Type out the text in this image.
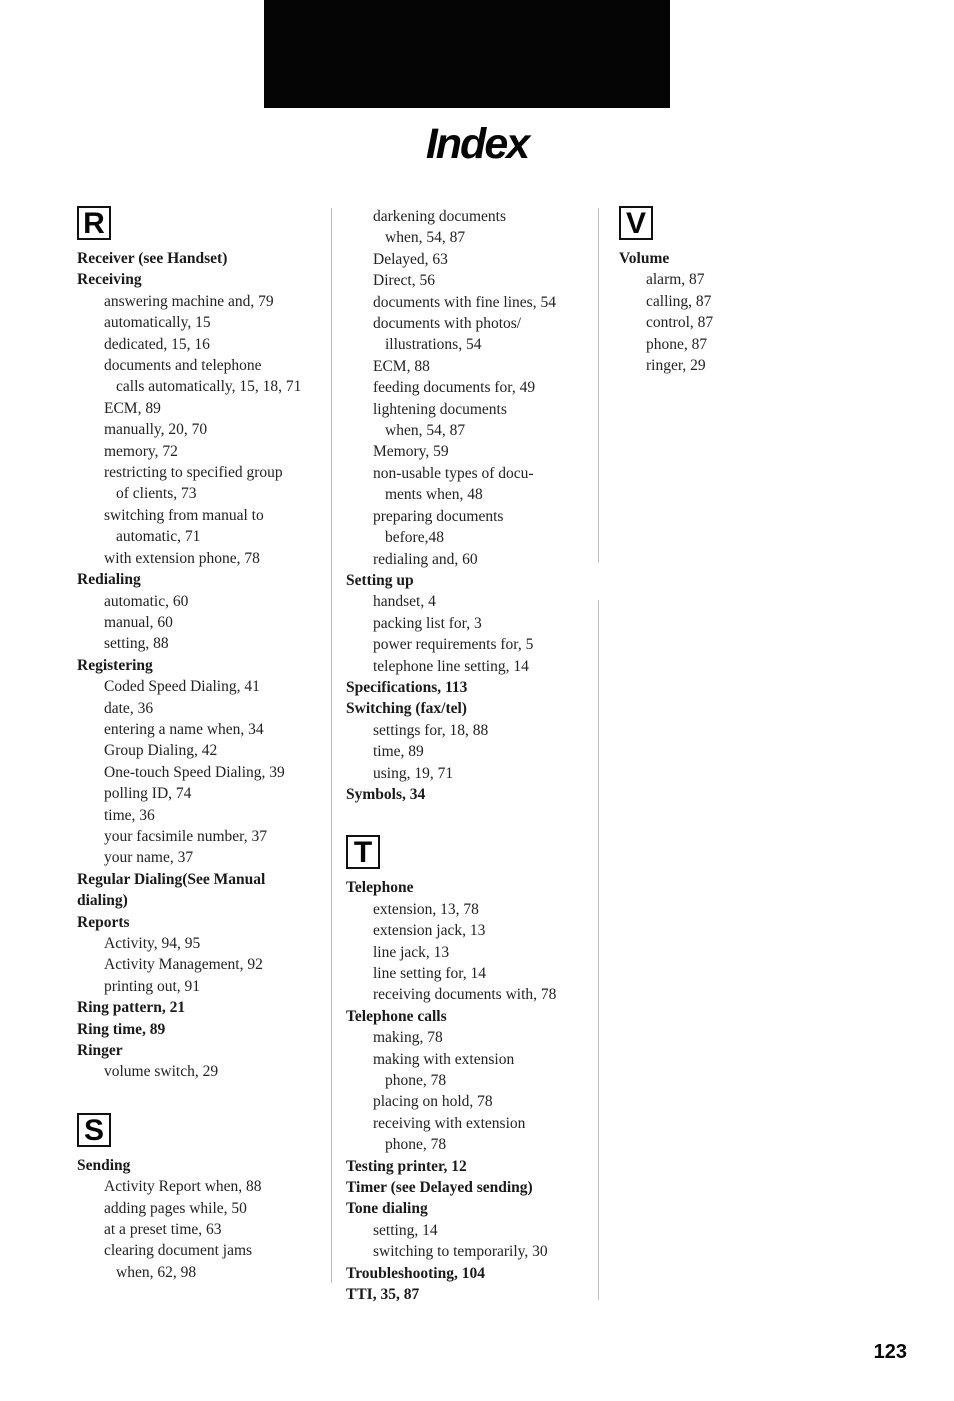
Index
R
Receiver (see Handset)
Receiving
answering machine and, 79
automatically, 15
dedicated, 15, 16
documents and telephone
calls automatically, 15, 18, 71
ECM, 89
manually, 20, 70
memory, 72
restricting to specified group
of clients, 73
switching from manual to
automatic, 71
with extension phone, 78
Redialing
automatic, 60
manual, 60
setting, 88
Registering
Coded Speed Dialing, 41
date, 36
entering a name when, 34
Group Dialing, 42
One-touch Speed Dialing, 39
polling ID, 74
time, 36
your facsimile number, 37
your name, 37
Regular Dialing(See Manual
dialing)
Reports
Activity, 94, 95
Activity Management, 92
printing out, 91
Ring pattern, 21
Ring time, 89
Ringer
volume switch, 29
S
Sending
Activity Report when, 88
adding pages while, 50
at a preset time, 63
clearing document jams
when, 62, 98
darkening documents
when, 54, 87
Delayed, 63
Direct, 56
documents with fine lines, 54
documents with photos/
illustrations, 54
ECM, 88
feeding documents for, 49
lightening documents
when, 54, 87
Memory, 59
non-usable types of docu-
ments when, 48
preparing documents
before,48
redialing and, 60
Setting up
handset, 4
packing list for, 3
power requirements for, 5
telephone line setting, 14
Specifications, 113
Switching (fax/tel)
settings for, 18, 88
time, 89
using, 19, 71
Symbols, 34
T
Telephone
extension, 13, 78
extension jack, 13
line jack, 13
line setting for, 14
receiving documents with, 78
Telephone calls
making, 78
making with extension
phone, 78
placing on hold, 78
receiving with extension
phone, 78
Testing printer, 12
Timer (see Delayed sending)
Tone dialing
setting, 14
switching to temporarily, 30
Troubleshooting, 104
TTI, 35, 87
V
Volume
alarm, 87
calling, 87
control, 87
phone, 87
ringer, 29
123
